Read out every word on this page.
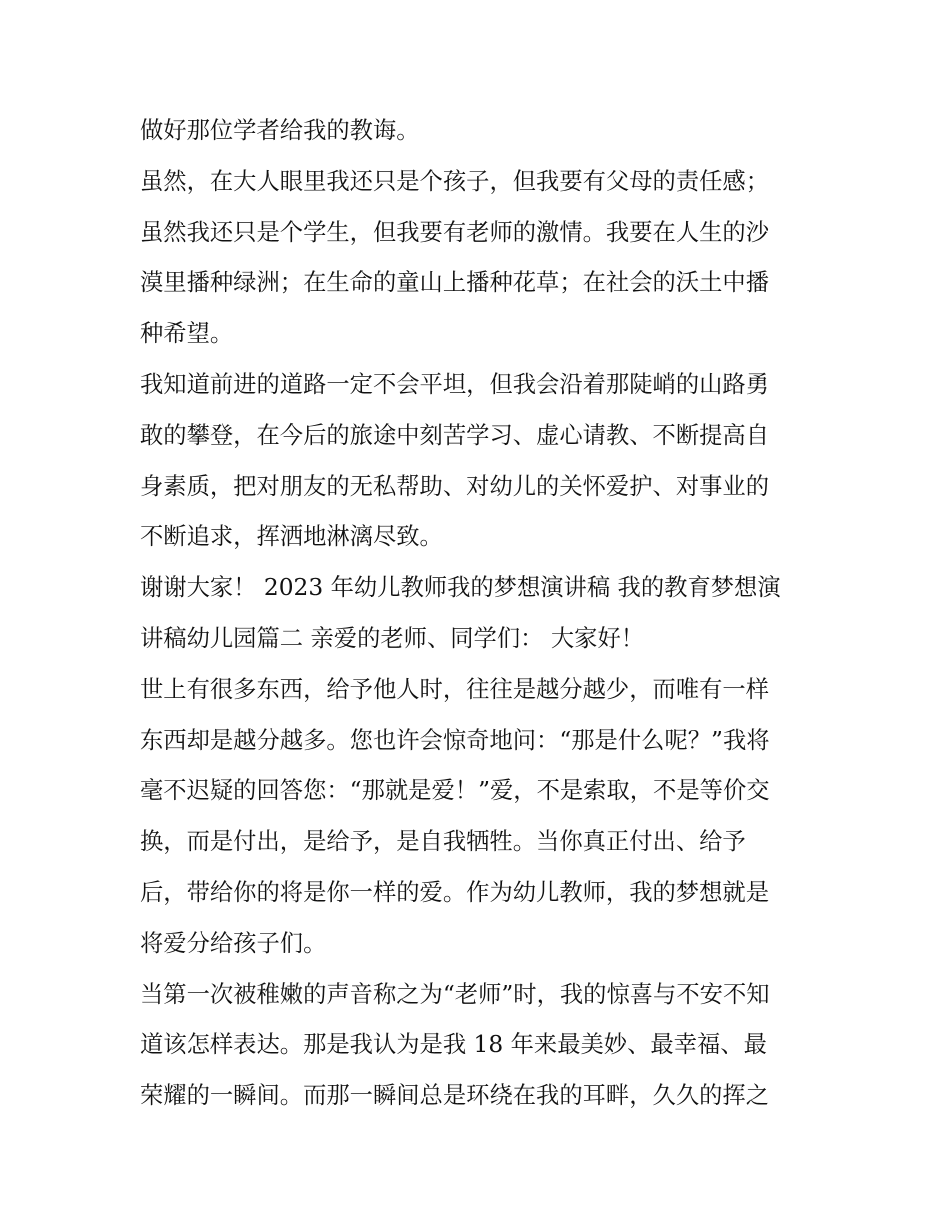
做好那位学者给我的教诲。
虽然，在大人眼里我还只是个孩子，但我要有父母的责任感；
虽然我还只是个学生，但我要有老师的激情。我要在人生的沙
漠里播种绿洲；在生命的童山上播种花草；在社会的沃土中播
种希望。
我知道前进的道路一定不会平坦，但我会沿着那陡峭的山路勇
敢的攀登，在今后的旅途中刻苦学习、虚心请教、不断提高自
身素质，把对朋友的无私帮助、对幼儿的关怀爱护、对事业的
不断追求，挥洒地淋漓尽致。
谢谢大家！ 2023 年幼儿教师我的梦想演讲稿 我的教育梦想演
讲稿幼儿园篇二 亲爱的老师、同学们： 大家好！
世上有很多东西，给予他人时，往往是越分越少，而唯有一样
东西却是越分越多。您也许会惊奇地问：“那是什么呢？”我将
毫不迟疑的回答您：“那就是爱！”爱，不是索取，不是等价交
换，而是付出，是给予，是自我牺牲。当你真正付出、给予
后，带给你的将是你一样的爱。作为幼儿教师，我的梦想就是
将爱分给孩子们。
当第一次被稚嫩的声音称之为“老师”时，我的惊喜与不安不知
道该怎样表达。那是我认为是我 18 年来最美妙、最幸福、最
荣耀的一瞬间。而那一瞬间总是环绕在我的耳畔，久久的挥之
